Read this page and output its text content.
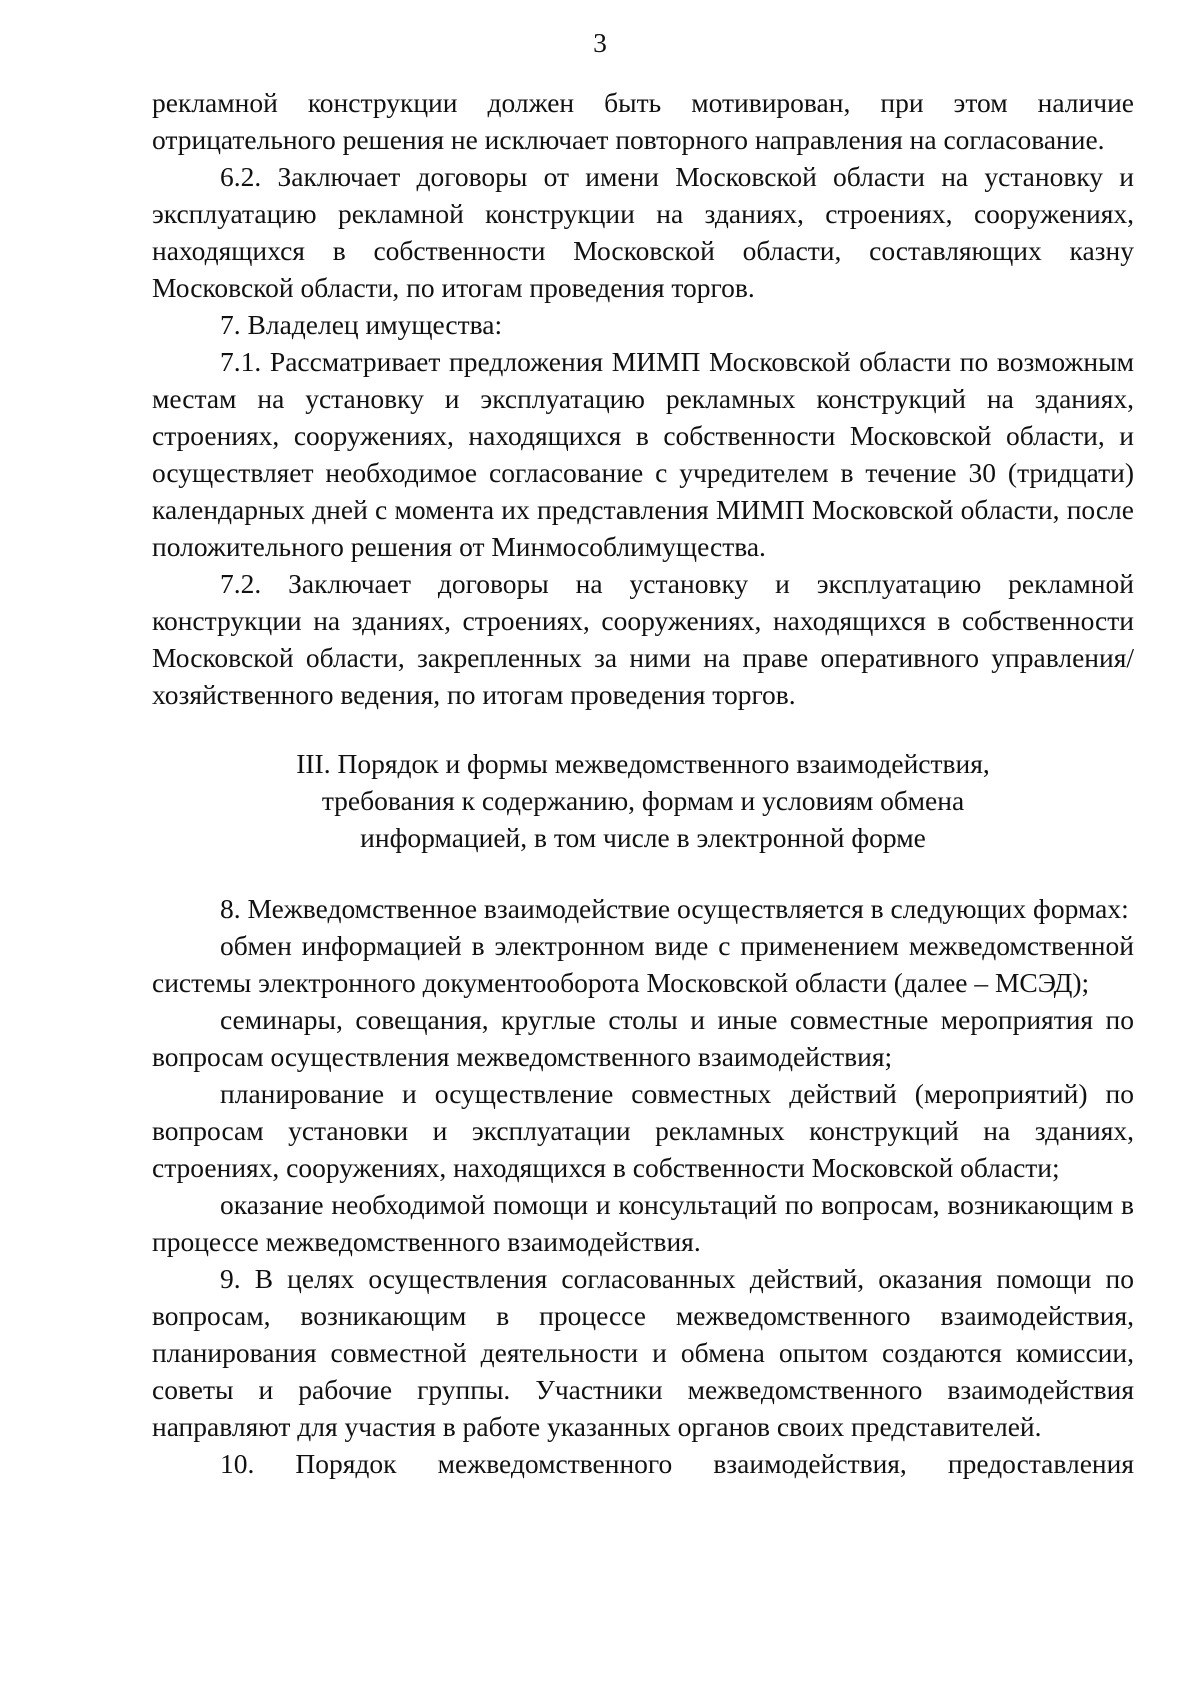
3

рекламной конструкции должен быть мотивирован, при этом наличие отрицательного решения не исключает повторного направления на согласование.

6.2. Заключает договоры от имени Московской области на установку и эксплуатацию рекламной конструкции на зданиях, строениях, сооружениях, находящихся в собственности Московской области, составляющих казну Московской области, по итогам проведения торгов.

7. Владелец имущества:

7.1. Рассматривает предложения МИМП Московской области по возможным местам на установку и эксплуатацию рекламных конструкций на зданиях, строениях, сооружениях, находящихся в собственности Московской области, и осуществляет необходимое согласование с учредителем в течение 30 (тридцати) календарных дней с момента их представления МИМП Московской области, после положительного решения от Минмособлимущества.

7.2. Заключает договоры на установку и эксплуатацию рекламной конструкции на зданиях, строениях, сооружениях, находящихся в собственности Московской области, закрепленных за ними на праве оперативного управления/хозяйственного ведения, по итогам проведения торгов.

III. Порядок и формы межведомственного взаимодействия,

требования к содержанию, формам и условиям обмена

информацией, в том числе в электронной форме

8. Межведомственное взаимодействие осуществляется в следующих формах:

обмен информацией в электронном виде с применением межведомственной системы электронного документооборота Московской области (далее – МСЭД);

семинары, совещания, круглые столы и иные совместные мероприятия по вопросам осуществления межведомственного взаимодействия;

планирование и осуществление совместных действий (мероприятий) по вопросам установки и эксплуатации рекламных конструкций на зданиях, строениях, сооружениях, находящихся в собственности Московской области;

оказание необходимой помощи и консультаций по вопросам, возникающим в процессе межведомственного взаимодействия.

9. В целях осуществления согласованных действий, оказания помощи по вопросам, возникающим в процессе межведомственного взаимодействия, планирования совместной деятельности и обмена опытом создаются комиссии, советы и рабочие группы. Участники межведомственного взаимодействия направляют для участия в работе указанных органов своих представителей.

10. Порядок межведомственного взаимодействия, предоставления
